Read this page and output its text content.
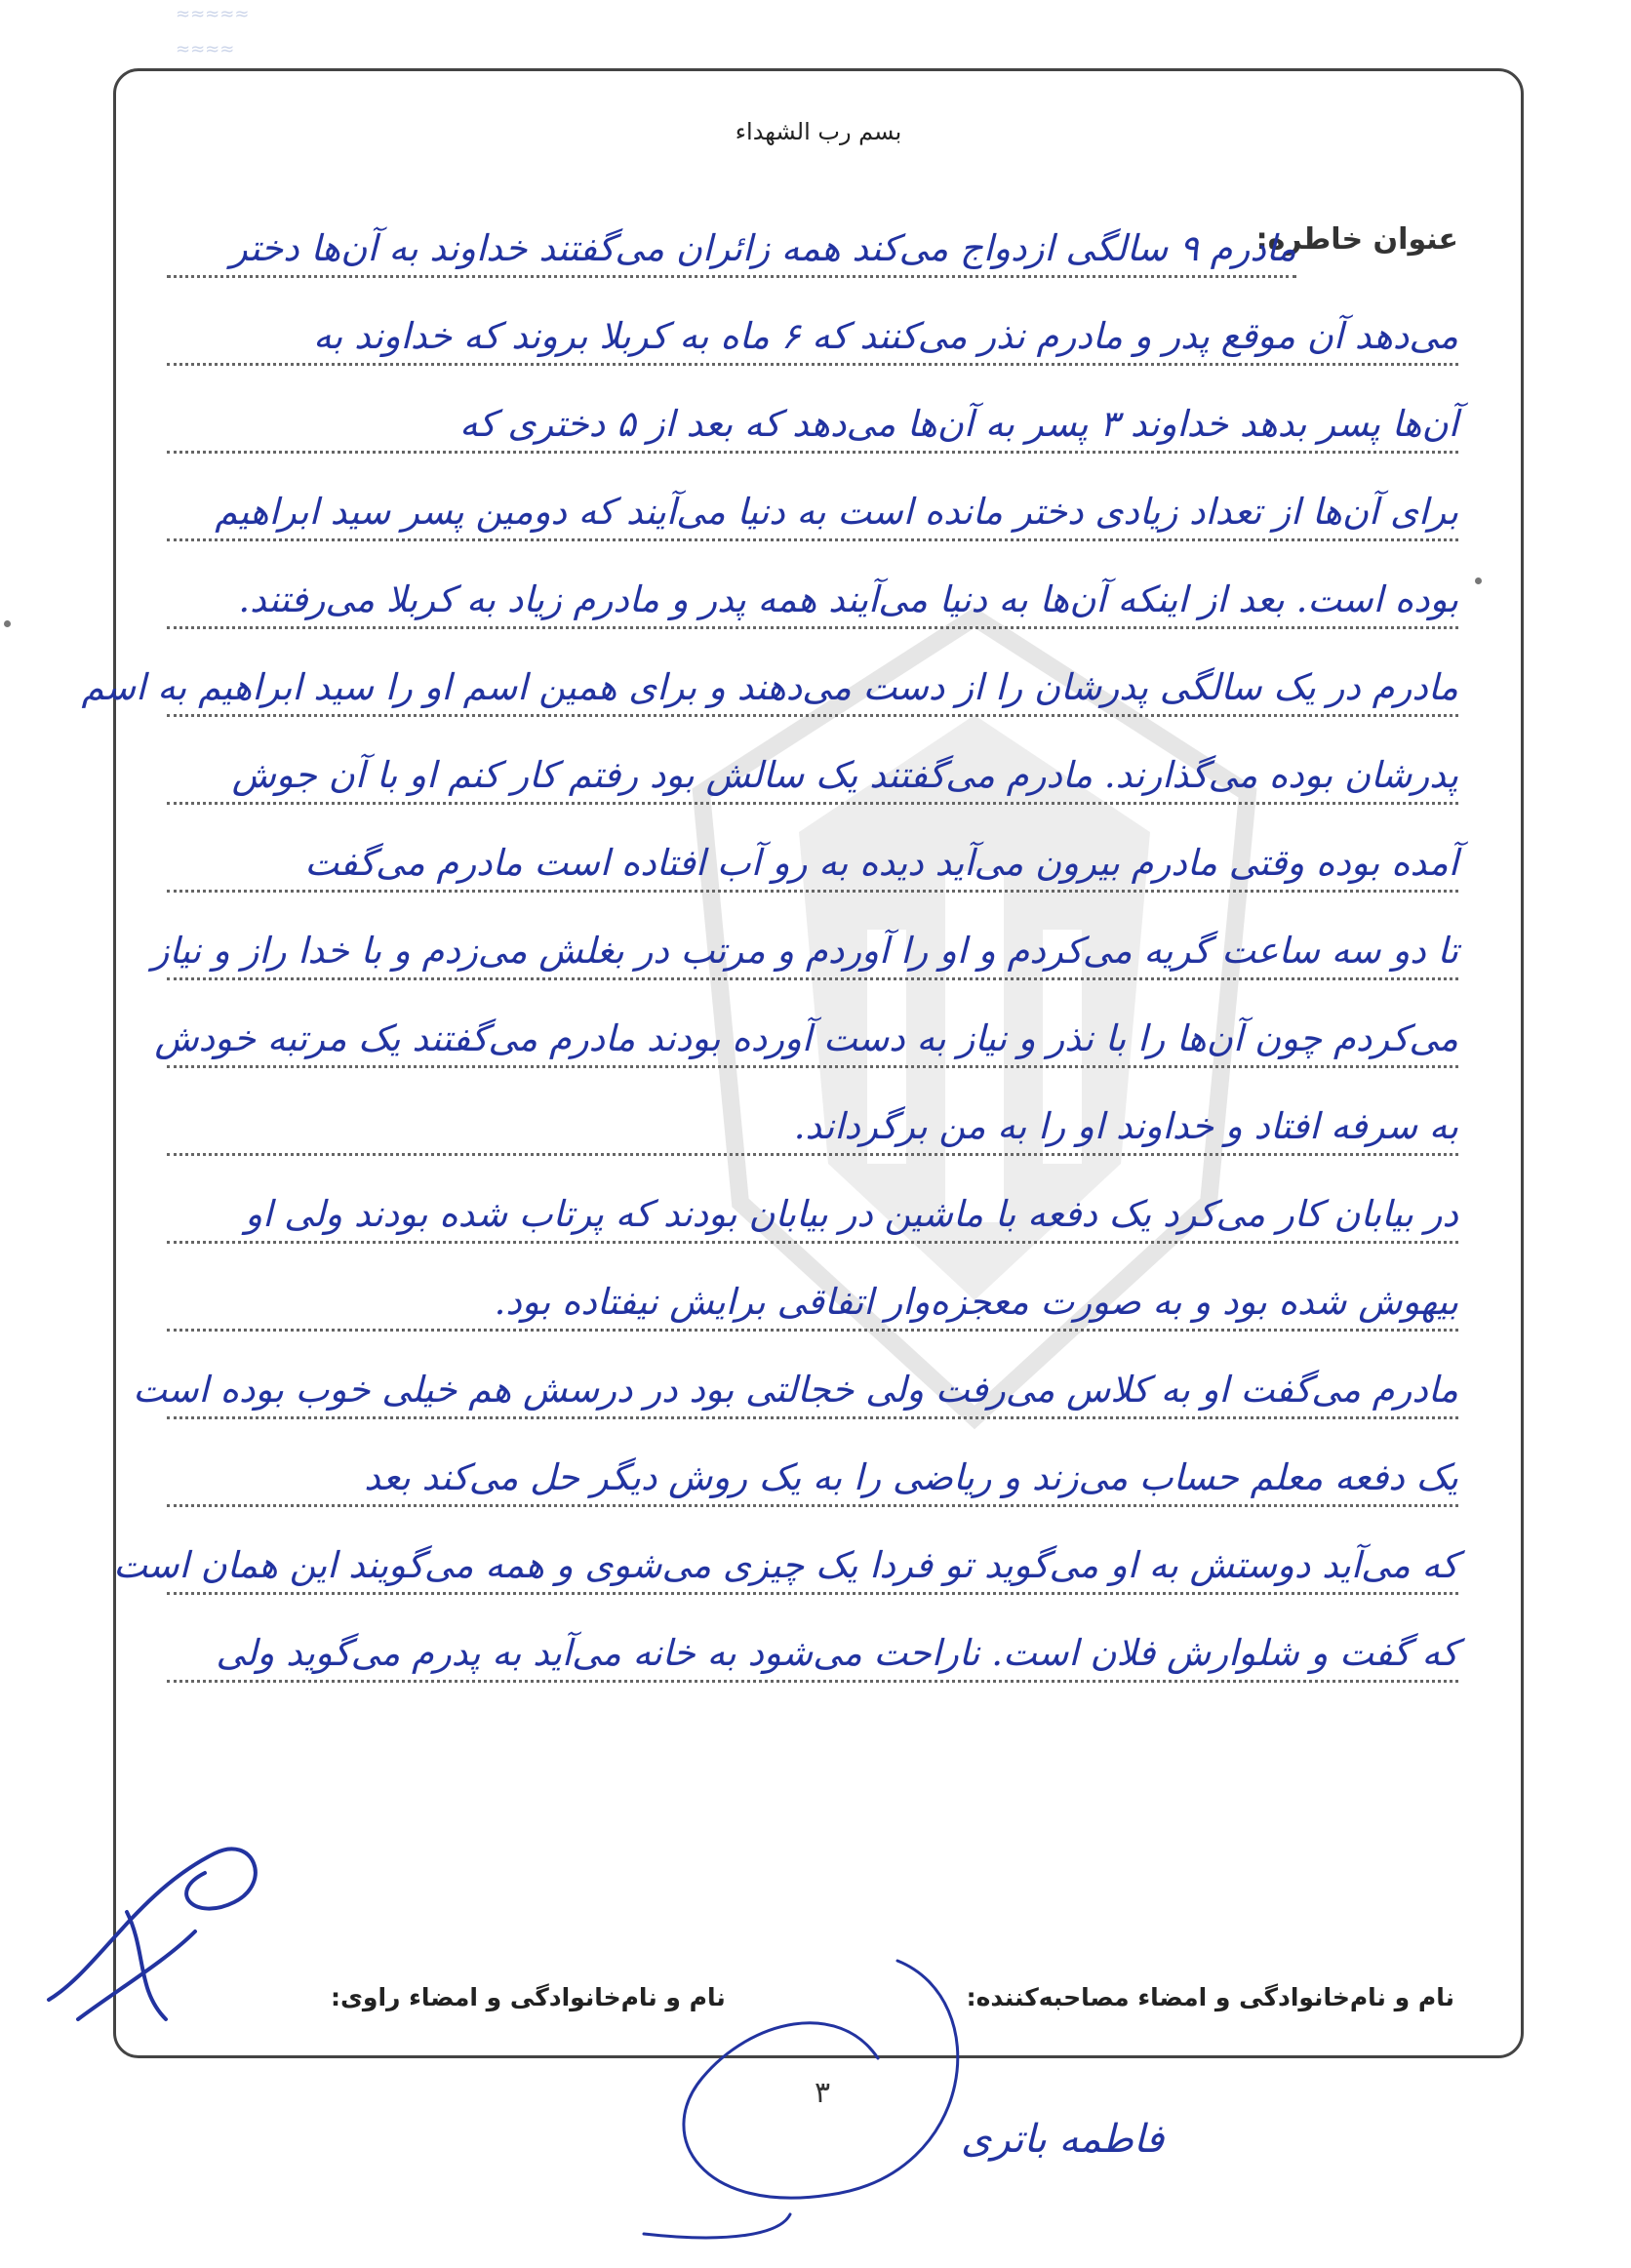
≈≈≈≈≈
≈≈≈≈
بسم رب الشهداء
عنوان خاطره:
مادرم ۹ سالگی ازدواج می‌کند همه زائران می‌گفتند خداوند به آن‌ها دختر
می‌دهد آن موقع پدر و مادرم نذر می‌کنند که ۶ ماه به کربلا بروند که خداوند به
آن‌ها پسر بدهد خداوند ۳ پسر به آن‌ها می‌دهد که بعد از ۵ دختری که
برای آن‌ها از تعداد زیادی دختر مانده است به دنیا می‌آیند که دومین پسر سید ابراهیم
بوده است. بعد از اینکه آن‌ها به دنیا می‌آیند همه پدر و مادرم زیاد به کربلا می‌رفتند.
مادرم در یک سالگی پدرشان را از دست می‌دهند و برای همین اسم او را سید ابراهیم به اسم
پدرشان بوده می‌گذارند. مادرم می‌گفتند یک سالش بود رفتم کار کنم او با آن جوش
آمده بوده وقتی مادرم بیرون می‌آید دیده به رو آب افتاده است مادرم می‌گفت
تا دو سه ساعت گریه می‌کردم و او را آوردم و مرتب در بغلش می‌زدم و با خدا راز و نیاز
می‌کردم چون آن‌ها را با نذر و نیاز به دست آورده بودند مادرم می‌گفتند یک مرتبه خودش
به سرفه افتاد و خداوند او را به من برگرداند.
در بیابان کار می‌کرد یک دفعه با ماشین در بیابان بودند که پرتاب شده بودند ولی او
بیهوش شده بود و به صورت معجزه‌وار اتفاقی برایش نیفتاده بود.
مادرم می‌گفت او به کلاس می‌رفت ولی خجالتی بود در درسش هم خیلی خوب بوده است
یک دفعه معلم حساب می‌زند و ریاضی را به یک روش دیگر حل می‌کند بعد
که می‌آید دوستش به او می‌گوید تو فردا یک چیزی می‌شوی و همه می‌گویند این همان است
که گفت و شلوارش فلان است. ناراحت می‌شود به خانه می‌آید به پدرم می‌گوید ولی
نام و نام‌خانوادگی و امضاء مصاحبه‌کننده:
نام و نام‌خانوادگی و امضاء راوی:
فاطمه باتری
۳
